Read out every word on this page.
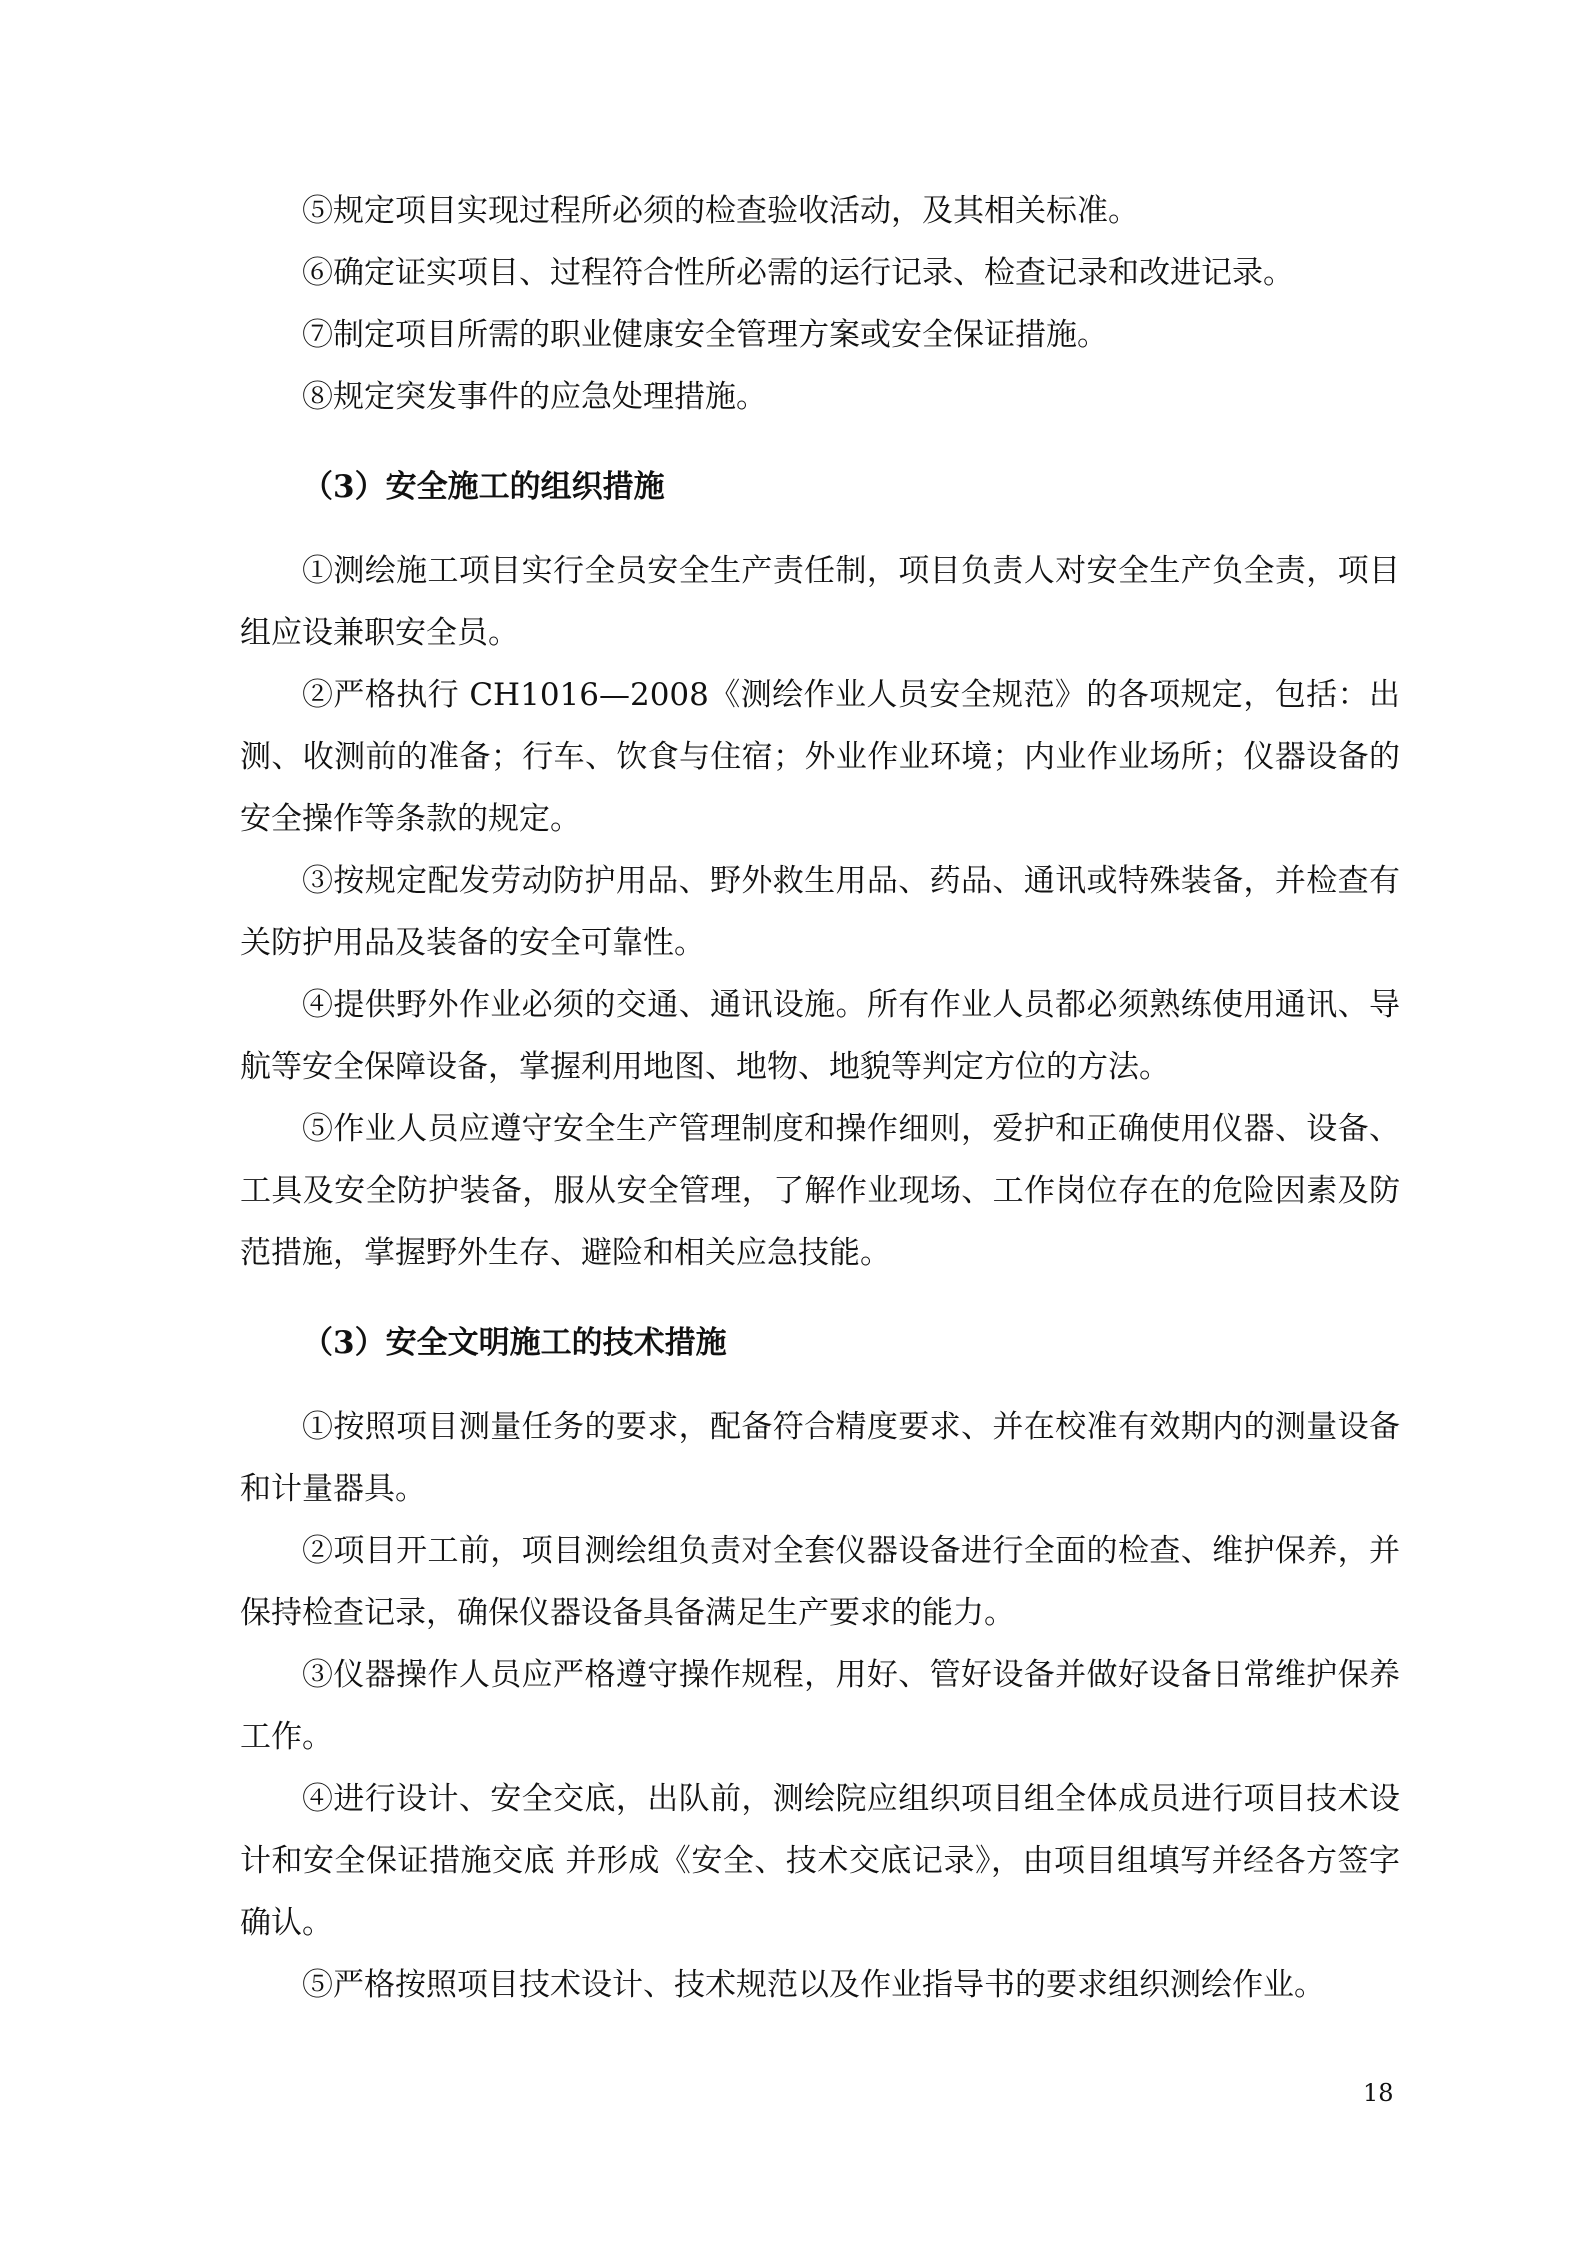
⑤规定项目实现过程所必须的检查验收活动，及其相关标准。

⑥确定证实项目、过程符合性所必需的运行记录、检查记录和改进记录。

⑦制定项目所需的职业健康安全管理方案或安全保证措施。

⑧规定突发事件的应急处理措施。

（3）安全施工的组织措施

①测绘施工项目实行全员安全生产责任制，项目负责人对安全生产负全责，项目组应设兼职安全员。

②严格执行 CH1016—2008《测绘作业人员安全规范》的各项规定，包括：出测、收测前的准备；行车、饮食与住宿；外业作业环境；内业作业场所；仪器设备的安全操作等条款的规定。

③按规定配发劳动防护用品、野外救生用品、药品、通讯或特殊装备，并检查有关防护用品及装备的安全可靠性。

④提供野外作业必须的交通、通讯设施。所有作业人员都必须熟练使用通讯、导航等安全保障设备，掌握利用地图、地物、地貌等判定方位的方法。

⑤作业人员应遵守安全生产管理制度和操作细则，爱护和正确使用仪器、设备、工具及安全防护装备，服从安全管理，了解作业现场、工作岗位存在的危险因素及防范措施，掌握野外生存、避险和相关应急技能。

（3）安全文明施工的技术措施

①按照项目测量任务的要求，配备符合精度要求、并在校准有效期内的测量设备和计量器具。

②项目开工前，项目测绘组负责对全套仪器设备进行全面的检查、维护保养，并保持检查记录，确保仪器设备具备满足生产要求的能力。

③仪器操作人员应严格遵守操作规程，用好、管好设备并做好设备日常维护保养工作。

④进行设计、安全交底，出队前，测绘院应组织项目组全体成员进行项目技术设计和安全保证措施交底 并形成《安全、技术交底记录》，由项目组填写并经各方签字确认。

⑤严格按照项目技术设计、技术规范以及作业指导书的要求组织测绘作业。

18
